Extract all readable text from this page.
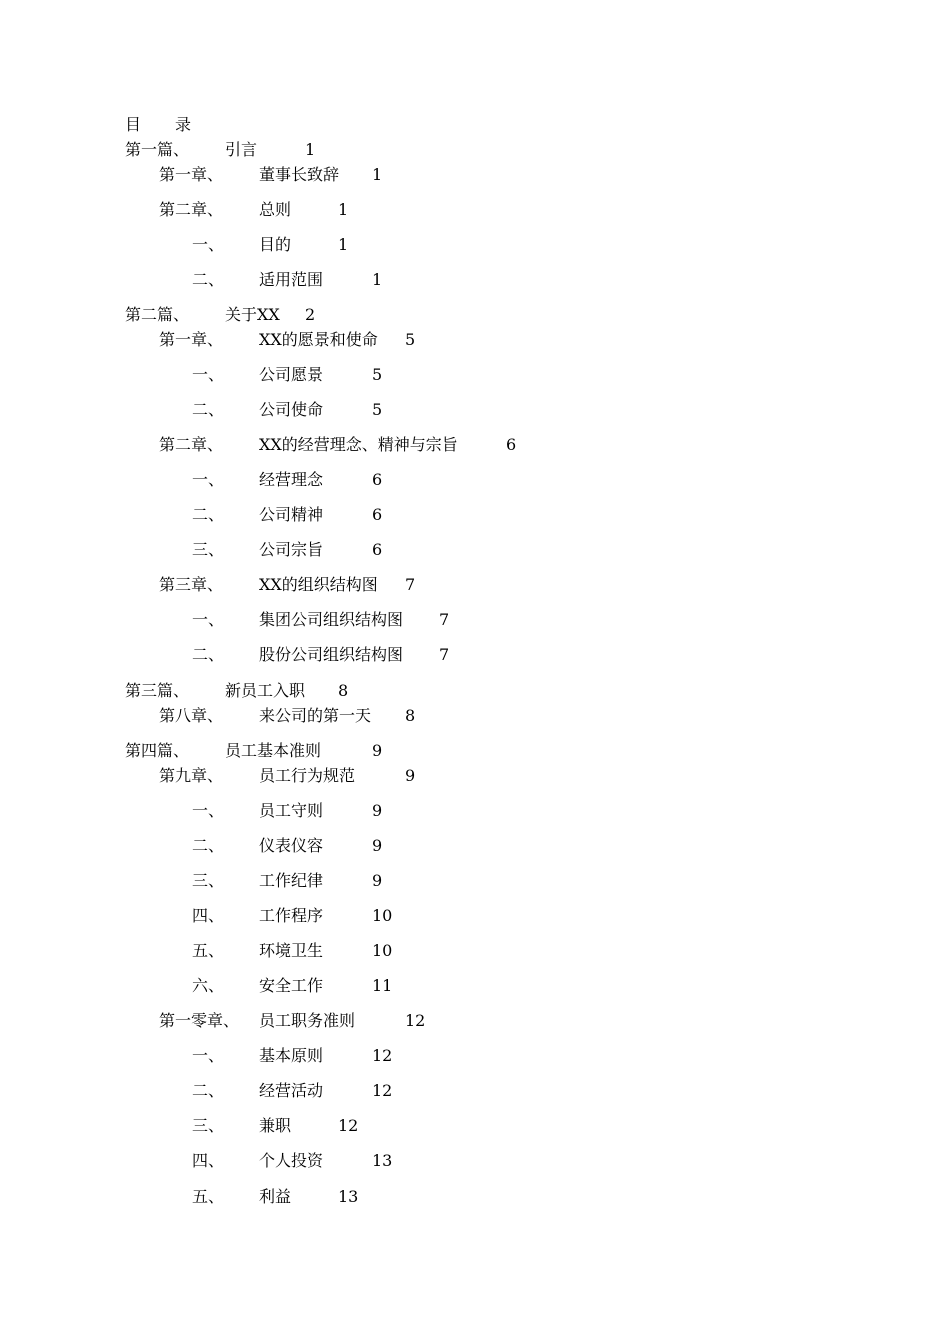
目 录
第一篇、 引言	1
第一章、 董事长致辞 1
第二章、 总则	1
一、 目的	1
二、 适用范围	1
第二篇、 关于XX 2
第一章、 XX的愿景和使命 5
一、 公司愿景	5
二、 公司使命	5
第二章、 XX的经营理念、精神与宗旨	6
一、 经营理念	6
二、 公司精神	6
三、 公司宗旨	6
第三章、 XX的组织结构图 7
一、 集团公司组织结构图 7
二、 股份公司组织结构图 7
第三篇、 新员工入职 8
第八章、 来公司的第一天 8
第四篇、 员工基本准则	9
第九章、 员工行为规范	9
一、 员工守则	9
二、 仪表仪容	9
三、 工作纪律	9
四、 工作程序	10
五、 环境卫生	10
六、 安全工作	11
第一零章、 员工职务准则	12
一、 基本原则	12
二、 经营活动	12
三、 兼职	12
四、 个人投资	13
五、 利益	13
